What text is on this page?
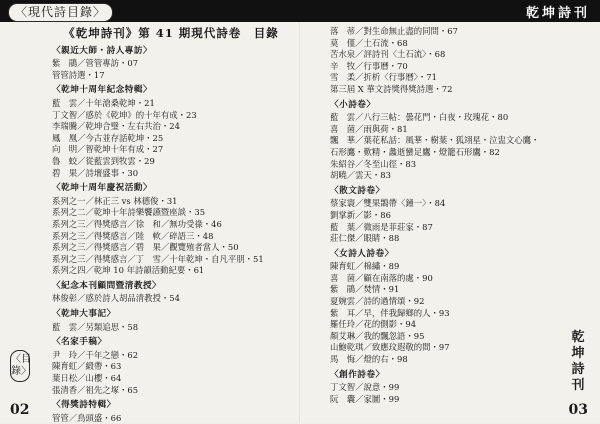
乾坤詩刊
〈現代詩目錄〉
《乾坤詩刊》第 41 期現代詩卷　目錄
〈親近大師・詩人專訪〉
紫　鵑／管管專訪・07
管管詩選・17
〈乾坤十周年紀念特輯〉
藍　雲／十年滄桑乾坤・21
丁文智／感於《乾坤》的十年有成・23
李瑞騰／乾坤合璧・左右共治・24
鳳　凰／今古並存話乾坤・25
向　明／智乾坤十年有成・27
魯　蛟／從藍雲到牧雲・29
碧　果／詩壇盛事・30
〈乾坤十周年慶祝活動〉
系列之一／林正三 vs 林德俊・31
系列之二／乾坤十年詩樂饗讌暨座談・35
系列之三／得獎感言／徐　和／無功受祿・46
系列之三／得獎感言／陸　軟／碎語三・48
系列之三／得獎感言／碧　果／觀覽殖者當人・50
系列之三／得獎感言／丁　雪／十年乾坤・自凡平朋・51
系列之四／乾坤 10 年詩韻活動紀要・61
〈紀念本刊顧問暨清教授〉
林俊彰／感於詩人胡品清教授・54
〈乾坤大事記〉
藍　雲／另類追思・58
〈名家手稿〉
尹　玲／千年之戀・62
陳育虹／緞帶・63
葉日松／山櫻・64
張清香／祖先之塚・65
〈得獎詩特輯〉
管管／鳥頭盛・66
落　蒂／對生命無止盡的同問・67
莫　僅／土石流・68
苦水泉／評詩刊〈土石流〉・68
辛　牧／行事曆・70
雪　柔／折析〈行事曆〉・71
第三屆 X 華文詩獎得獎詩選・72
〈小詩卷〉
藍　雲／八行三帖：曇花門・白夜・玫瑰花・80
喜　菌／雨與荷・81
飄　華／葉花私話：風華・樹葉・狐翊星・泣盅文心鷹・
石形鷹・歎精・蠡逝蠻足鷹・燈籠石形鷹・82
朱紹谷／冬至山徑・83
胡曉／雲天・83
〈散文詩卷〉
蔡家寰／雙果鵲帶〈鐘一〉・84
劉掌新／影・86
藍　葉／微雨是菲莊家・87
莊仁傑／眼睛・88
〈女詩人詩卷〉
陳育虹／棉繡・89
喜　菌／顧在南落的處・90
紫　鵑／焚情・91
夏婉雲／詩的過情頌・92
紫　耳／早，伴我歸鄉的人・93
羅任玲／花的側影・94
顏艾琳／我的飄忽語・95
山鮑乾琪／致應玟遐敬的間・97
馬　悔／燈的右・98
〈創作詩卷〉
丁文智／說意・99
阮　囊／家圖・99
〈目錄〉
乾坤詩刊
02	03
